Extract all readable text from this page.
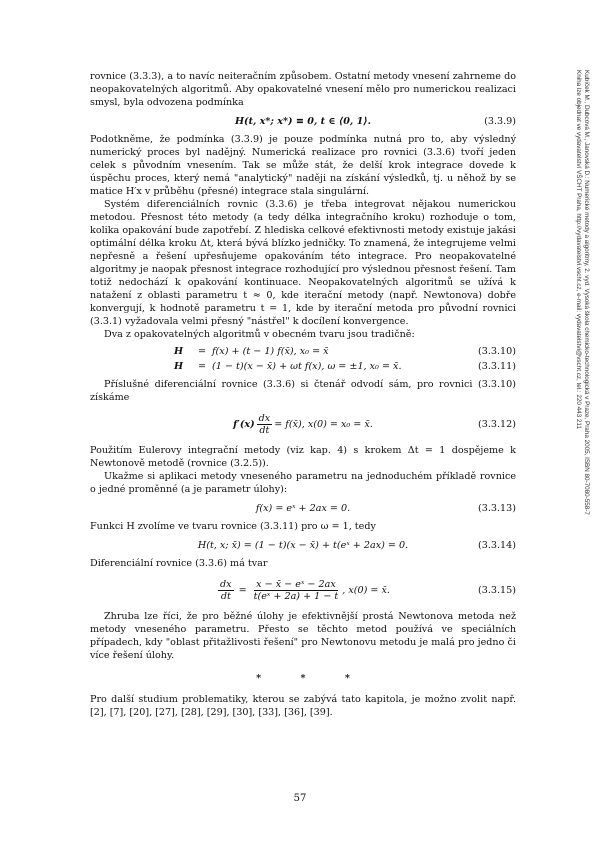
rovnice (3.3.3), a to navíc neiteračním způsobem. Ostatní metody vnesení zahrneme do neopakovatelných algoritmů. Aby opakovatelné vnesení mělo pro numerickou realizaci smysl, byla odvozena podmínka

H(t, x*; x*) ≡ 0, t ∈ ⟨0, 1⟩.	(3.3.9)

Podotkněme, že podmínka (3.3.9) je pouze podmínka nutná pro to, aby výsledný numerický proces byl nadějný. Numerická realizace pro rovnici (3.3.6) tvoří jeden celek s původním vnesením. Tak se může stát, že delší krok integrace dovede k úspěchu proces, který nemá "analytický" naději na získání výsledků, tj. u něhož by se matice H′x v průběhu (přesné) integrace stala singulární.

Systém diferenciálních rovnic (3.3.6) je třeba integrovat nějakou numerickou metodou. Přesnost této metody (a tedy délka integračního kroku) rozhoduje o tom, kolika opakování bude zapotřebí. Z hlediska celkové efektivnosti metody existuje jakási optimální délka kroku Δt, která bývá blízko jedničky. To znamená, že integrujeme velmi nepřesně a řešení upřesňujeme opakováním této integrace. Pro neopakovatelné algoritmy je naopak přesnost integrace rozhodující pro výslednou přesnost řešení. Tam totiž nedochází k opakování kontinuace. Neopakovatelných algoritmů se užívá k natažení z oblasti parametru t ≈ 0, kde iterační metody (např. Newtonova) dobře konvergují, k hodnotě parametru t = 1, kde by iterační metoda pro původní rovnici (3.3.1) vyžadovala velmi přesný "nástřel" k docílení konvergence.

Dva z opakovatelných algoritmů v obecném tvaru jsou tradičně:

H	= f(x) + (t − 1) f(x̄), x₀ = x̄	(3.3.10)
H	= (1 − t)(x − x̄) + ωt f(x), ω = ±1, x₀ = x̄.	(3.3.11)

Příslušné diferenciální rovnice (3.3.6) si čtenář odvodí sám, pro rovnici (3.3.10) získáme

$f'(x) \frac{dx}{dt}$ = f(x̄), x(0) = x₀ = x̄.	(3.3.12)

Použitím Eulerovy integrační metody (viz kap. 4) s krokem Δt = 1 dospějeme k Newtonově metodě (rovnice (3.2.5)).

Ukažme si aplikaci metody vneseného parametru na jednoduchém příkladě rovnice o jedné proměnné (a je parametr úlohy):

f(x) = eˣ + 2ax = 0.	(3.3.13)

Funkci H zvolíme ve tvaru rovnice (3.3.11) pro ω = 1, tedy

H(t, x; x̄) = (1 − t)(x − x̄) + t(eˣ + 2ax) = 0.	(3.3.14)

Diferenciální rovnice (3.3.6) má tvar

$\frac{dx}{dt} = \frac{\text{x − x̄ − eˣ − 2ax}}{\text{t(eˣ + 2a) + 1 − t}}$ , x(0) = x̄.	(3.3.15)

Zhruba lze říci, že pro běžné úlohy je efektivnější prostá Newtonova metoda než metody vneseného parametru. Přesto se těchto metod používá ve speciálních případech, kdy "oblast přitažlivosti řešení" pro Newtonovu metodu je malá pro jedno či více řešení úlohy.

* * *

Pro další studium problematiky, kterou se zabývá tato kapitola, je možno zvolit např. [2], [7], [20], [27], [28], [29], [30], [33], [36], [39].

57
Kubíček M., Dubcová M., Janovská D.: Numerické metody a algoritmy, 2. vyd. Vysoká škola chemicko-technologická v Praze, Praha 2005, ISBN 80-7080-558-7
Kniha lze objednat ve vydavatelství VŠCHT Praha, http://vydavatelstvi.vscht.cz, e-mail: vydavatelstvi@vscht.cz, tel.: 220 443 211
